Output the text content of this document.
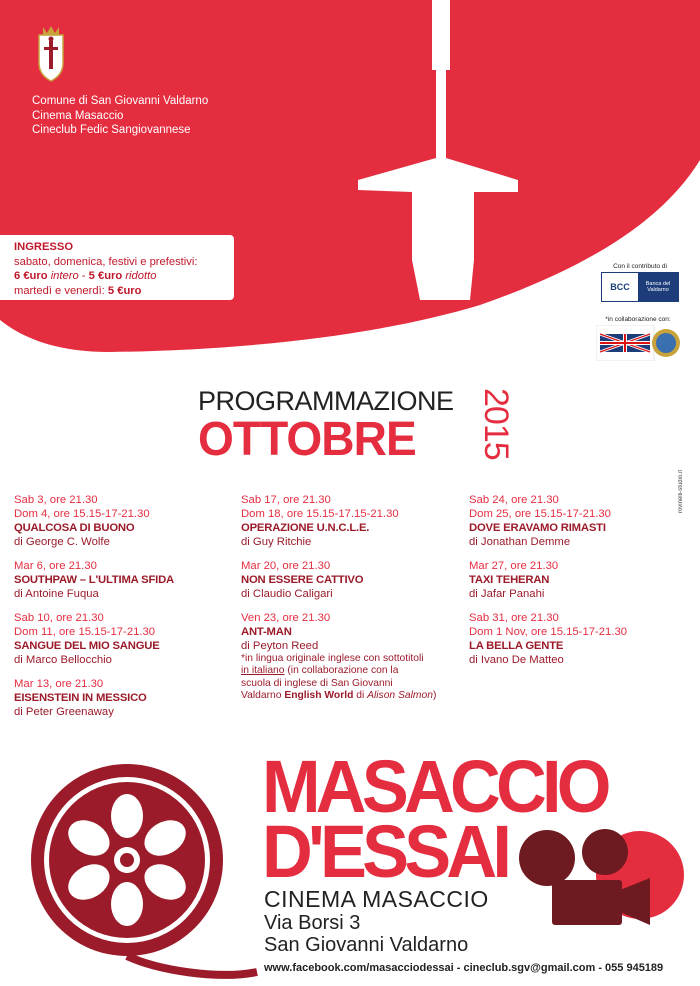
Comune di San Giovanni Valdarno
Cinema Masaccio
Cineclub Fedic Sangiovannese
INGRESSO
sabato, domenica, festivi e prefestivi:
6 €uro intero - 5 €uro ridotto
martedì e venerdì: 5 €uro
Con il contributo di
BCC	Banca del Valdarno
*in collaborazione con:
PROGRAMMAZIONE
OTTOBRE	2015
rovinelli-studio.it
Sab 3, ore 21.30
Dom 4, ore 15.15-17-21.30
QUALCOSA DI BUONO
di George C. Wolfe
Mar 6, ore 21.30
SOUTHPAW – L'ULTIMA SFIDA
di Antoine Fuqua
Sab 10, ore 21.30
Dom 11, ore 15.15-17-21.30
SANGUE DEL MIO SANGUE
di Marco Bellocchio
Mar 13, ore 21.30
EISENSTEIN IN MESSICO
di Peter Greenaway
Sab 17, ore 21.30
Dom 18, ore 15.15-17.15-21.30
OPERAZIONE U.N.C.L.E.
di Guy Ritchie
Mar 20, ore 21.30
NON ESSERE CATTIVO
di Claudio Caligari
Ven 23, ore 21.30
ANT-MAN
di Peyton Reed
*in lingua originale inglese con sottotitoli
in italiano (in collaborazione con la
scuola di inglese di San Giovanni
Valdarno English World di Alison Salmon)
Sab 24, ore 21.30
Dom 25, ore 15.15-17-21.30
DOVE ERAVAMO RIMASTI
di Jonathan Demme
Mar 27, ore 21.30
TAXI TEHERAN
di Jafar Panahi
Sab 31, ore 21.30
Dom 1 Nov, ore 15.15-17-21.30
LA BELLA GENTE
di Ivano De Matteo
MASACCIO
D'ESSAI
CINEMA MASACCIO
Via Borsi 3
San Giovanni Valdarno
www.facebook.com/masacciodessai - cineclub.sgv@gmail.com - 055 945189
